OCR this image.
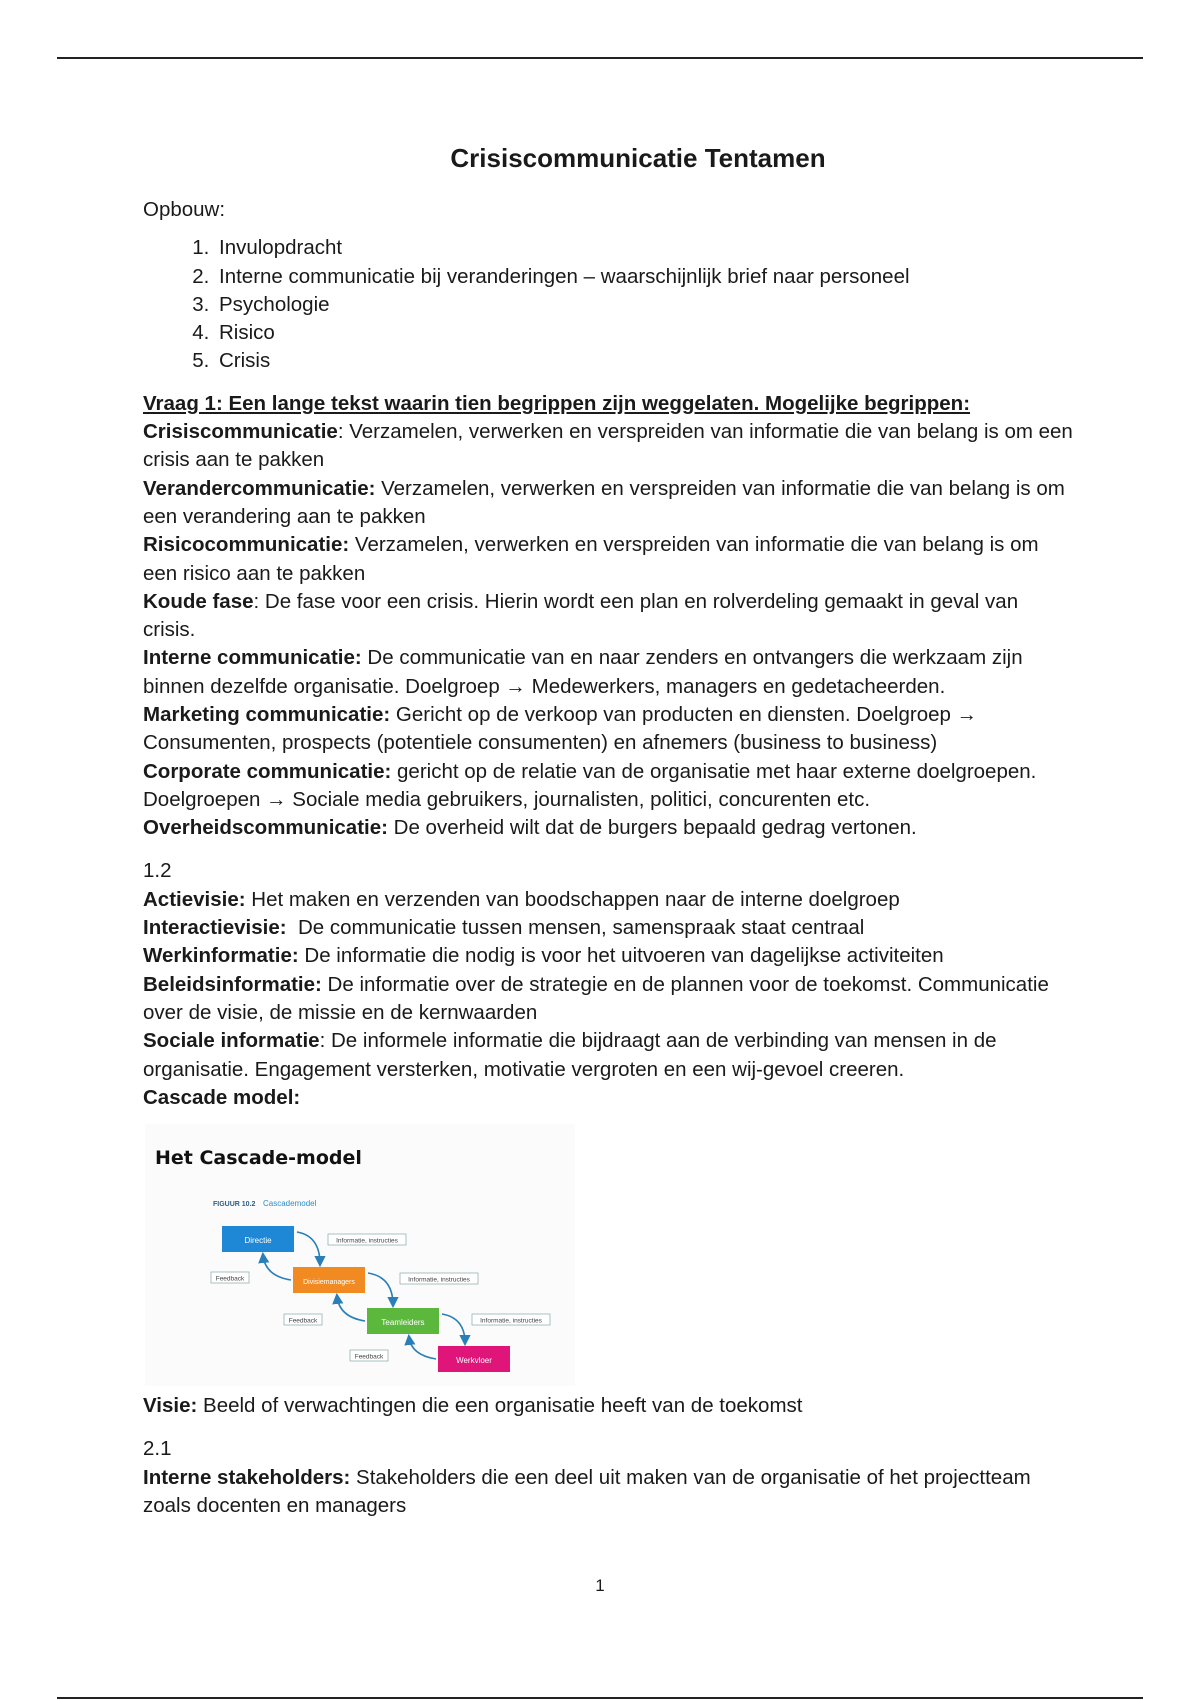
Crisiscommunicatie Tentamen

Opbouw:

1. Invulopdracht
2. Interne communicatie bij veranderingen – waarschijnlijk brief naar personeel
3. Psychologie
4. Risico
5. Crisis

Vraag 1: Een lange tekst waarin tien begrippen zijn weggelaten. Mogelijke begrippen:

Crisiscommunicatie: Verzamelen, verwerken en verspreiden van informatie die van belang is om een crisis aan te pakken

Verandercommunicatie: Verzamelen, verwerken en verspreiden van informatie die van belang is om een verandering aan te pakken

Risicocommunicatie: Verzamelen, verwerken en verspreiden van informatie die van belang is om een risico aan te pakken

Koude fase: De fase voor een crisis. Hierin wordt een plan en rolverdeling gemaakt in geval van crisis.

Interne communicatie: De communicatie van en naar zenders en ontvangers die werkzaam zijn binnen dezelfde organisatie. Doelgroep → Medewerkers, managers en gedetacheerden.

Marketing communicatie: Gericht op de verkoop van producten en diensten. Doelgroep → Consumenten, prospects (potentiele consumenten) en afnemers (business to business)

Corporate communicatie: gericht op de relatie van de organisatie met haar externe doelgroepen. Doelgroepen → Sociale media gebruikers, journalisten, politici, concurenten etc.

Overheidscommunicatie: De overheid wilt dat de burgers bepaald gedrag vertonen.

1.2

Actievisie: Het maken en verzenden van boodschappen naar de interne doelgroep

Interactievisie:  De communicatie tussen mensen, samenspraak staat centraal

Werkinformatie: De informatie die nodig is voor het uitvoeren van dagelijkse activiteiten

Beleidsinformatie: De informatie over de strategie en de plannen voor de toekomst. Communicatie over de visie, de missie en de kernwaarden

Sociale informatie: De informele informatie die bijdraagt aan de verbinding van mensen in de organisatie. Engagement versterken, motivatie vergroten en een wij-gevoel creeren.

Cascade model:

Het Cascade-model
FIGUUR 10.2 Cascademodel
Directie
Divisiemanagers
Teamleiders
Werkvloer
Informatie, instructies
Informatie, instructies
Informatie, instructies
Feedback
Feedback
Feedback

Visie: Beeld of verwachtingen die een organisatie heeft van de toekomst

2.1

Interne stakeholders: Stakeholders die een deel uit maken van de organisatie of het projectteam zoals docenten en managers

1
